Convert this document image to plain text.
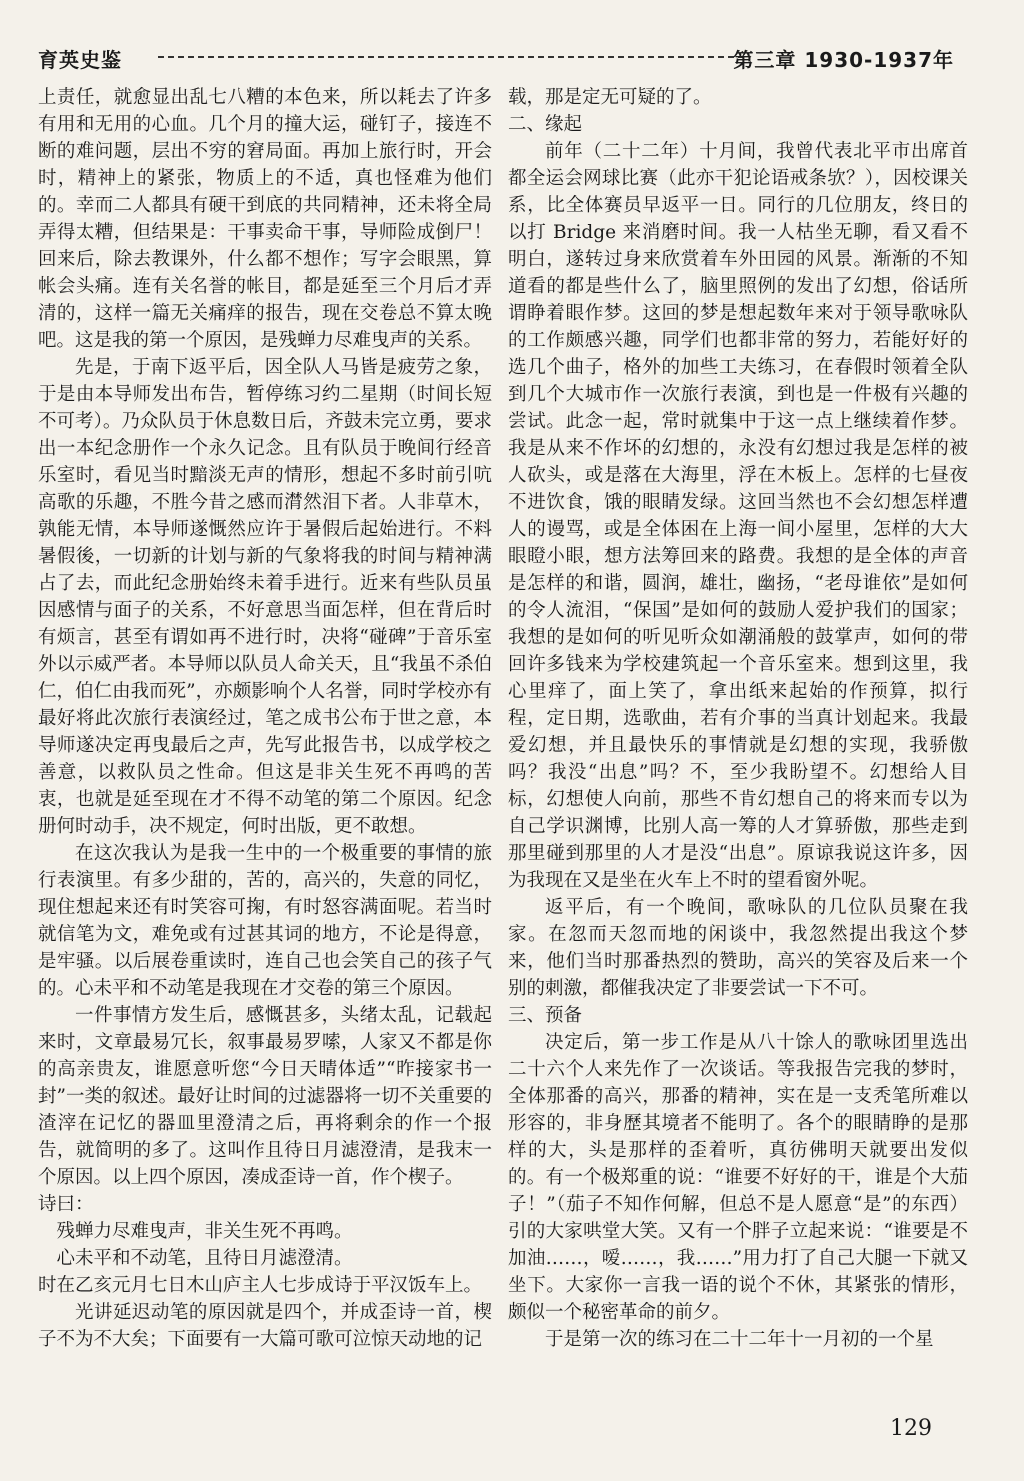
育英史鉴	第三章 1930-1937年

上责任，就愈显出乱七八糟的本色来，所以耗去了许多有用和无用的心血。几个月的撞大运，碰钉子，接连不断的难问题，层出不穷的窘局面。再加上旅行时，开会时，精神上的紧张，物质上的不适，真也怪难为他们的。幸而二人都具有硬干到底的共同精神，还未将全局弄得太糟，但结果是：干事卖命干事，导师险成倒尸！回来后，除去教课外，什么都不想作；写字会眼黑，算帐会头痛。连有关名誉的帐目，都是延至三个月后才弄清的，这样一篇无关痛痒的报告，现在交卷总不算太晚吧。这是我的第一个原因，是残蝉力尽难曳声的关系。

先是，于南下返平后，因全队人马皆是疲劳之象，于是由本导师发出布告，暂停练习约二星期（时间长短不可考）。乃众队员于休息数日后，齐鼓未完立勇，要求出一本纪念册作一个永久记念。且有队员于晚间行经音乐室时，看见当时黯淡无声的情形，想起不多时前引吭高歌的乐趣，不胜今昔之感而潸然泪下者。人非草木，孰能无情，本导师遂慨然应许于暑假后起始进行。不料暑假後，一切新的计划与新的气象将我的时间与精神满占了去，而此纪念册始终未着手进行。近来有些队员虽因感情与面子的关系，不好意思当面怎样，但在背后时有烦言，甚至有谓如再不进行时，决将“碰碑”于音乐室外以示威严者。本导师以队员人命关天，且“我虽不杀伯仁，伯仁由我而死”，亦颇影响个人名誉，同时学校亦有最好将此次旅行表演经过，笔之成书公布于世之意，本导师遂决定再曳最后之声，先写此报告书，以成学校之善意，以救队员之性命。但这是非关生死不再鸣的苦衷，也就是延至现在才不得不动笔的第二个原因。纪念册何时动手，决不规定，何时出版，更不敢想。

在这次我认为是我一生中的一个极重要的事情的旅行表演里。有多少甜的，苦的，高兴的，失意的同忆，现住想起来还有时笑容可掬，有时怒容满面呢。若当时就信笔为文，难免或有过甚其词的地方，不论是得意，是牢骚。以后展卷重读时，连自己也会笑自己的孩子气的。心未平和不动笔是我现在才交卷的第三个原因。

一件事情方发生后，感慨甚多，头绪太乱，记载起来时，文章最易冗长，叙事最易罗嗦，人家又不都是你的高亲贵友，谁愿意听您“今日天晴体适”“昨接家书一封”一类的叙述。最好让时间的过滤器将一切不关重要的渣滓在记忆的器皿里澄清之后，再将剩余的作一个报告，就简明的多了。这叫作且待日月滤澄清，是我末一个原因。以上四个原因，凑成歪诗一首，作个楔子。

诗曰：

残蝉力尽难曳声，非关生死不再鸣。

心未平和不动笔，且待日月滤澄清。

时在乙亥元月七日木山庐主人七步成诗于平汉饭车上。

光讲延迟动笔的原因就是四个，并成歪诗一首，楔子不为不大矣；下面要有一大篇可歌可泣惊天动地的记

载，那是定无可疑的了。

二、缘起

前年（二十二年）十月间，我曾代表北平市出席首都全运会网球比赛（此亦干犯论语戒条欤？），因校课关系，比全体赛员早返平一日。同行的几位朋友，终日的以打 Bridge 来消磨时间。我一人枯坐无聊，看又看不明白，遂转过身来欣赏着车外田园的风景。渐渐的不知道看的都是些什么了，脑里照例的发出了幻想，俗话所谓睁着眼作梦。这回的梦是想起数年来对于领导歌咏队的工作颇感兴趣，同学们也都非常的努力，若能好好的选几个曲子，格外的加些工夫练习，在春假时领着全队到几个大城市作一次旅行表演，到也是一件极有兴趣的尝试。此念一起，常时就集中于这一点上继续着作梦。我是从来不作坏的幻想的，永没有幻想过我是怎样的被人砍头，或是落在大海里，浮在木板上。怎样的七昼夜不进饮食，饿的眼睛发绿。这回当然也不会幻想怎样遭人的谩骂，或是全体困在上海一间小屋里，怎样的大大眼瞪小眼，想方法筹回来的路费。我想的是全体的声音是怎样的和谐，圆润，雄壮，幽扬，“老母谁依”是如何的令人流泪，“保国”是如何的鼓励人爱护我们的国家；我想的是如何的听见听众如潮涌般的鼓掌声，如何的带回许多钱来为学校建筑起一个音乐室来。想到这里，我心里痒了，面上笑了，拿出纸来起始的作预算，拟行程，定日期，选歌曲，若有介事的当真计划起来。我最爱幻想，并且最快乐的事情就是幻想的实现，我骄傲吗？我没“出息”吗？不，至少我盼望不。幻想给人目标，幻想使人向前，那些不肯幻想自己的将来而专以为自己学识渊博，比别人高一筹的人才算骄傲，那些走到那里碰到那里的人才是没“出息”。原谅我说这许多，因为我现在又是坐在火车上不时的望看窗外呢。

返平后，有一个晚间，歌咏队的几位队员聚在我家。在忽而天忽而地的闲谈中，我忽然提出我这个梦来，他们当时那番热烈的赞助，高兴的笑容及后来一个别的刺激，都催我决定了非要尝试一下不可。

三、预备

决定后，第一步工作是从八十馀人的歌咏团里选出二十六个人来先作了一次谈话。等我报告完我的梦时，全体那番的高兴，那番的精神，实在是一支秃笔所难以形容的，非身歷其境者不能明了。各个的眼睛睁的是那样的大，头是那样的歪着听，真彷佛明天就要出发似的。有一个极郑重的说：“谁要不好好的干，谁是个大茄子！”（茄子不知作何解，但总不是人愿意“是”的东西）引的大家哄堂大笑。又有一个胖子立起来说：“谁要是不加油……，嗳……，我……”用力打了自己大腿一下就又坐下。大家你一言我一语的说个不休，其紧张的情形，颇似一个秘密革命的前夕。

于是第一次的练习在二十二年十一月初的一个星

129
